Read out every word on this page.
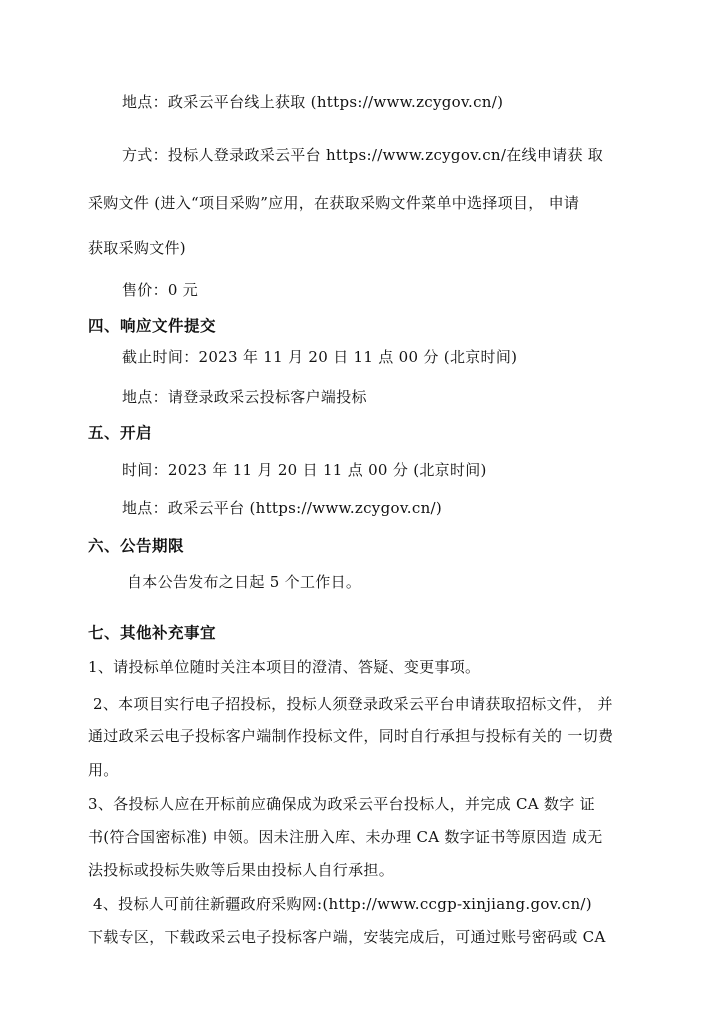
地点：政采云平台线上获取 (https://www.zcygov.cn/)
方式：投标人登录政采云平台 https://www.zcygov.cn/在线申请获 取
采购文件 (进入“项目采购”应用，在获取采购文件菜单中选择项目， 申请
获取采购文件)
售价：0 元
四、响应文件提交
截止时间：2023 年 11 月 20 日 11 点 00 分 (北京时间)
地点：请登录政采云投标客户端投标
五、开启
时间：2023 年 11 月 20 日 11 点 00 分 (北京时间)
地点：政采云平台 (https://www.zcygov.cn/)
六、公告期限
自本公告发布之日起 5 个工作日。
七、其他补充事宜
1、请投标单位随时关注本项目的澄清、答疑、变更事项。
2、本项目实行电子招投标，投标人须登录政采云平台申请获取招标文件， 并
通过政采云电子投标客户端制作投标文件，同时自行承担与投标有关的 一切费
用。
3、各投标人应在开标前应确保成为政采云平台投标人，并完成 CA 数字 证
书(符合国密标准) 申领。因未注册入库、未办理 CA 数字证书等原因造 成无
法投标或投标失败等后果由投标人自行承担。
4、投标人可前往新疆政府采购网:(http://www.ccgp-xinjiang.gov.cn/)
下载专区，下载政采云电子投标客户端，安装完成后，可通过账号密码或 CA
